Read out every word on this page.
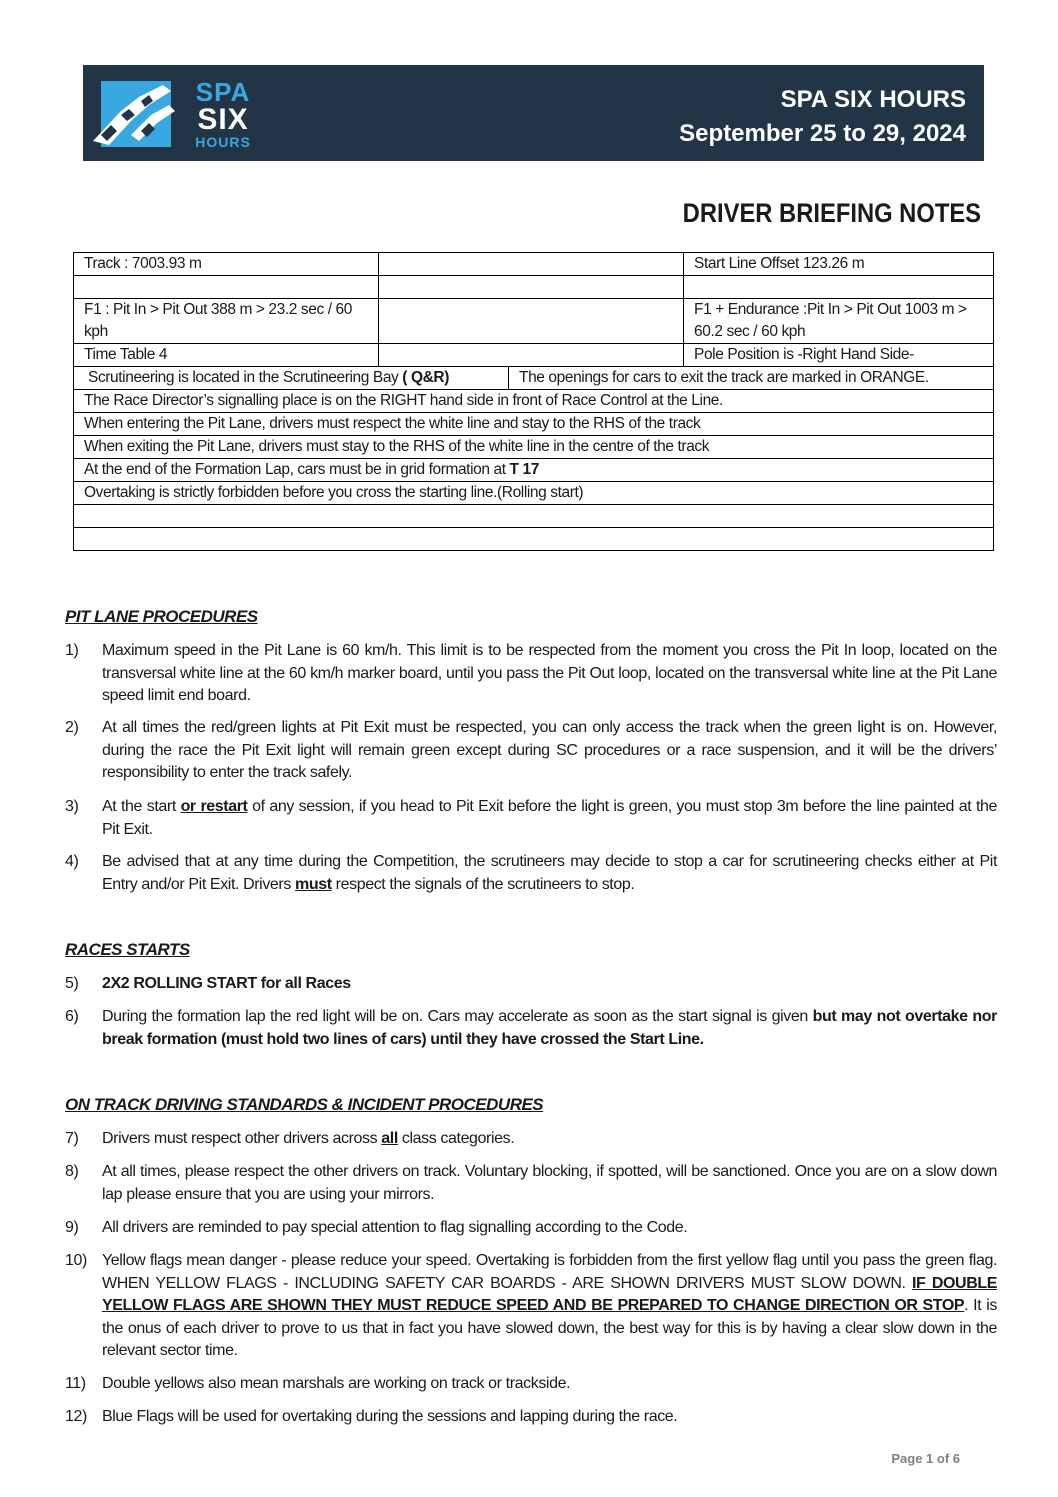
SPA
SIX
HOURS
SPA SIX HOURS
September 25 to 29, 2024
DRIVER BRIEFING NOTES
Track : 7003.93 m		Start Line Offset 123.26 m

F1 : Pit In > Pit Out 388 m > 23.2 sec / 60 kph		F1 + Endurance :Pit In > Pit Out 1003 m > 60.2 sec / 60 kph
Time Table 4		Pole Position is -Right Hand Side-

Scrutineering is located in the Scrutineering Bay ( Q&R) The openings for cars to exit the track are marked in ORANGE.		

The Race Director’s signalling place is on the RIGHT hand side in front of Race Control at the Line.		
When entering the Pit Lane, drivers must respect the white line and stay to the RHS of the track		
When exiting the Pit Lane, drivers must stay to the RHS of the white line in the centre of the track		
At the end of the Formation Lap, cars must be in grid formation at T 17		
Overtaking is strictly forbidden before you cross the starting line.(Rolling start)		

PIT LANE PROCEDURES
1) Maximum speed in the Pit Lane is 60 km/h. This limit is to be respected from the moment you cross the Pit In loop, located on the transversal white line at the 60 km/h marker board, until you pass the Pit Out loop, located on the transversal white line at the Pit Lane speed limit end board.
2) At all times the red/green lights at Pit Exit must be respected, you can only access the track when the green light is on. However, during the race the Pit Exit light will remain green except during SC procedures or a race suspension, and it will be the drivers’ responsibility to enter the track safely.
3) At the start or restart of any session, if you head to Pit Exit before the light is green, you must stop 3m before the line painted at the Pit Exit.
4) Be advised that at any time during the Competition, the scrutineers may decide to stop a car for scrutineering checks either at Pit Entry and/or Pit Exit. Drivers must respect the signals of the scrutineers to stop.
RACES STARTS
5) 2X2 ROLLING START for all Races
6) During the formation lap the red light will be on. Cars may accelerate as soon as the start signal is given but may not overtake nor break formation (must hold two lines of cars) until they have crossed the Start Line.
ON TRACK DRIVING STANDARDS & INCIDENT PROCEDURES
7) Drivers must respect other drivers across all class categories.
8) At all times, please respect the other drivers on track. Voluntary blocking, if spotted, will be sanctioned. Once you are on a slow down lap please ensure that you are using your mirrors.
9) All drivers are reminded to pay special attention to flag signalling according to the Code.
10) Yellow flags mean danger - please reduce your speed. Overtaking is forbidden from the first yellow flag until you pass the green flag. WHEN YELLOW FLAGS - INCLUDING SAFETY CAR BOARDS - ARE SHOWN DRIVERS MUST SLOW DOWN. IF DOUBLE YELLOW FLAGS ARE SHOWN THEY MUST REDUCE SPEED AND BE PREPARED TO CHANGE DIRECTION OR STOP. It is the onus of each driver to prove to us that in fact you have slowed down, the best way for this is by having a clear slow down in the relevant sector time.
11) Double yellows also mean marshals are working on track or trackside.
12) Blue Flags will be used for overtaking during the sessions and lapping during the race.
Page 1 of 6
